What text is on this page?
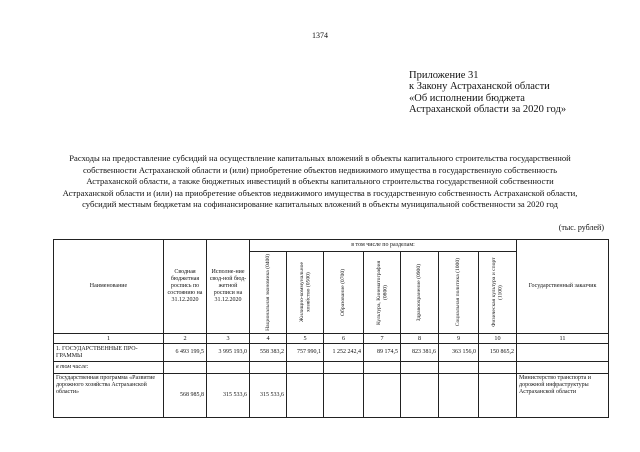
1374
Приложение 31
к Закону Астраханской области
«Об исполнении бюджета
Астраханской области за 2020 год»
Расходы на предоставление субсидий на осуществление капитальных вложений в объекты капитального строительства государственной
собственности Астраханской области и (или) приобретение объектов недвижимого имущества в государственную собственность
Астраханской области, а также бюджетных инвестиций в объекты капитального строительства государственной собственности
Астраханской области и (или) на приобретение объектов недвижимого имущества в государственную собственность Астраханской области,
субсидий местным бюджетам на софинансирование капитальных вложений в объекты муниципальной собственности за 2020 год
(тыс. рублей)
Наименование	Сводная бюджетная роспись по состоянию на 31.12.2020	Исполне-ние свод-ной бюд-жетной росписи на 31.12.2020	в том числе по разделам:							Государственный заказчик

			Национальная экономика (0400)	Жилищно-коммунальное хозяйство (0500)	Образование (0700)	Культура, Кинематография (0800)	Здравоохранение (0900)	Социальная политика (1000)	Физическая культура и спорт (1100)	

1	2	3	4	5	6	7	8	9	10	11
1. ГОСУДАРСТВЕННЫЕ ПРО-ГРАММЫ	6 493 199,5	3 995 193,0	558 383,2	757 990,1	1 252 242,4	89 174,5	823 381,6	363 156,0	150 865,2	
в том числе:										
Государственная программа «Развитие дорожного хозяйства Астраханской области»	568 985,8	315 533,6	315 533,6							Министерство транспорта и дорожной инфраструктуры Астраханской области
